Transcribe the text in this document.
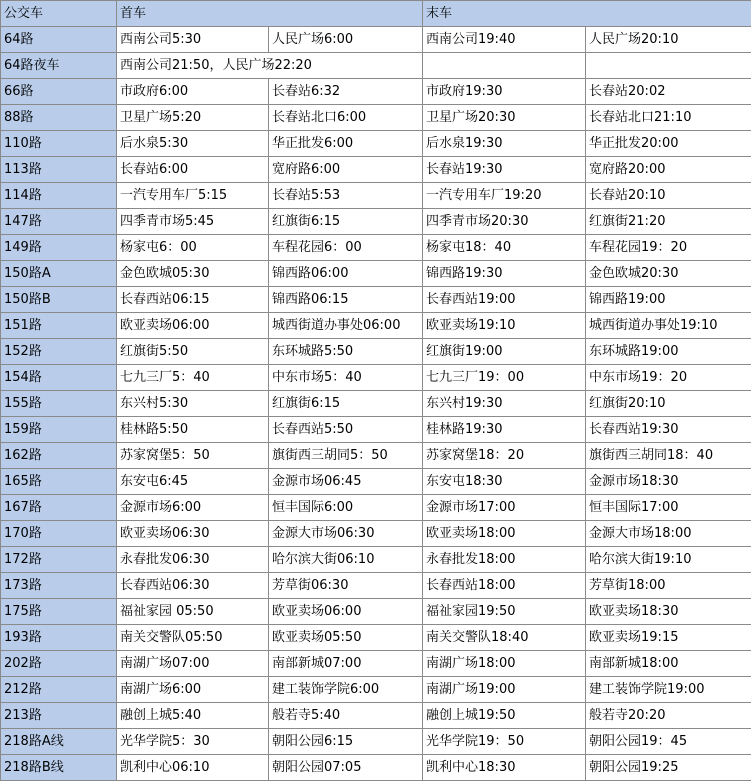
公交车	首车		末车	
64路	西南公司5:30	人民广场6:00	西南公司19:40	人民广场20:10
64路夜车	西南公司21:50，人民广场22:20			
66路	市政府6:00	长春站6:32	市政府19:30	长春站20:02
88路	卫星广场5:20	长春站北口6:00	卫星广场20:30	长春站北口21:10
110路	后水泉5:30	华正批发6:00	后水泉19:30	华正批发20:00
113路	长春站6:00	宽府路6:00	长春站19:30	宽府路20:00
114路	一汽专用车厂5:15	长春站5:53	一汽专用车厂19:20	长春站20:10
147路	四季青市场5:45	红旗街6:15	四季青市场20:30	红旗街21:20
149路	杨家屯6：00	车程花园6：00	杨家屯18：40	车程花园19：20
150路A	金色欧城05:30	锦西路06:00	锦西路19:30	金色欧城20:30
150路B	长春西站06:15	锦西路06:15	长春西站19:00	锦西路19:00
151路	欧亚卖场06:00	城西街道办事处06:00	欧亚卖场19:10	城西街道办事处19:10
152路	红旗街5:50	东环城路5:50	红旗街19:00	东环城路19:00
154路	七九三厂5：40	中东市场5：40	七九三厂19：00	中东市场19：20
155路	东兴村5:30	红旗街6:15	东兴村19:30	红旗街20:10
159路	桂林路5:50	长春西站5:50	桂林路19:30	长春西站19:30
162路	苏家窝堡5：50	旗街西三胡同5：50	苏家窝堡18：20	旗街西三胡同18：40
165路	东安屯6:45	金源市场06:45	东安屯18:30	金源市场18:30
167路	金源市场6:00	恒丰国际6:00	金源市场17:00	恒丰国际17:00
170路	欧亚卖场06:30	金源大市场06:30	欧亚卖场18:00	金源大市场18:00
172路	永春批发06:30	哈尔滨大街06:10	永春批发18:00	哈尔滨大街19:10
173路	长春西站06:30	芳草街06:30	长春西站18:00	芳草街18:00
175路	福祉家园 05:50	欧亚卖场06:00	福祉家园19:50	欧亚卖场18:30
193路	南关交警队05:50	欧亚卖场05:50	南关交警队18:40	欧亚卖场19:15
202路	南湖广场07:00	南部新城07:00	南湖广场18:00	南部新城18:00
212路	南湖广场6:00	建工装饰学院6:00	南湖广场19:00	建工装饰学院19:00
213路	融创上城5:40	般若寺5:40	融创上城19:50	般若寺20:20
218路A线	光华学院5：30	朝阳公园6:15	光华学院19：50	朝阳公园19：45
218路B线	凯利中心06:10	朝阳公园07:05	凯利中心18:30	朝阳公园19:25
